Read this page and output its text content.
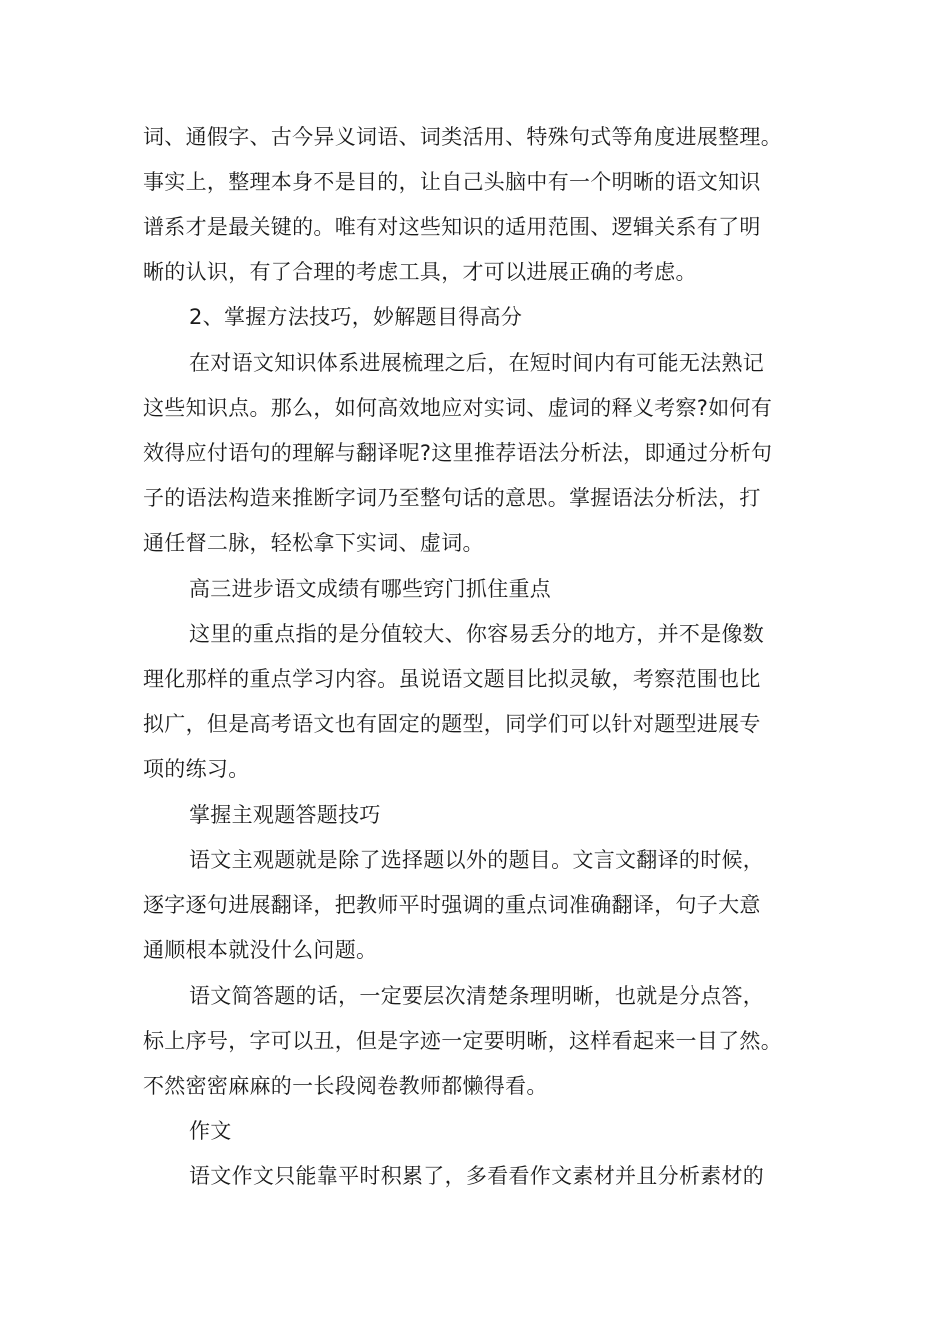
词、通假字、古今异义词语、词类活用、特殊句式等角度进展整理。
事实上，整理本身不是目的，让自己头脑中有一个明晰的语文知识
谱系才是最关键的。唯有对这些知识的适用范围、逻辑关系有了明
晰的认识，有了合理的考虑工具，才可以进展正确的考虑。
2、掌握方法技巧，妙解题目得高分
在对语文知识体系进展梳理之后，在短时间内有可能无法熟记
这些知识点。那么，如何高效地应对实词、虚词的释义考察?如何有
效得应付语句的理解与翻译呢?这里推荐语法分析法，即通过分析句
子的语法构造来推断字词乃至整句话的意思。掌握语法分析法，打
通任督二脉，轻松拿下实词、虚词。
高三进步语文成绩有哪些窍门抓住重点
这里的重点指的是分值较大、你容易丢分的地方，并不是像数
理化那样的重点学习内容。虽说语文题目比拟灵敏，考察范围也比
拟广，但是高考语文也有固定的题型，同学们可以针对题型进展专
项的练习。
掌握主观题答题技巧
语文主观题就是除了选择题以外的题目。文言文翻译的时候，
逐字逐句进展翻译，把教师平时强调的重点词准确翻译，句子大意
通顺根本就没什么问题。
语文简答题的话，一定要层次清楚条理明晰，也就是分点答，
标上序号，字可以丑，但是字迹一定要明晰，这样看起来一目了然。
不然密密麻麻的一长段阅卷教师都懒得看。
作文
语文作文只能靠平时积累了，多看看作文素材并且分析素材的
